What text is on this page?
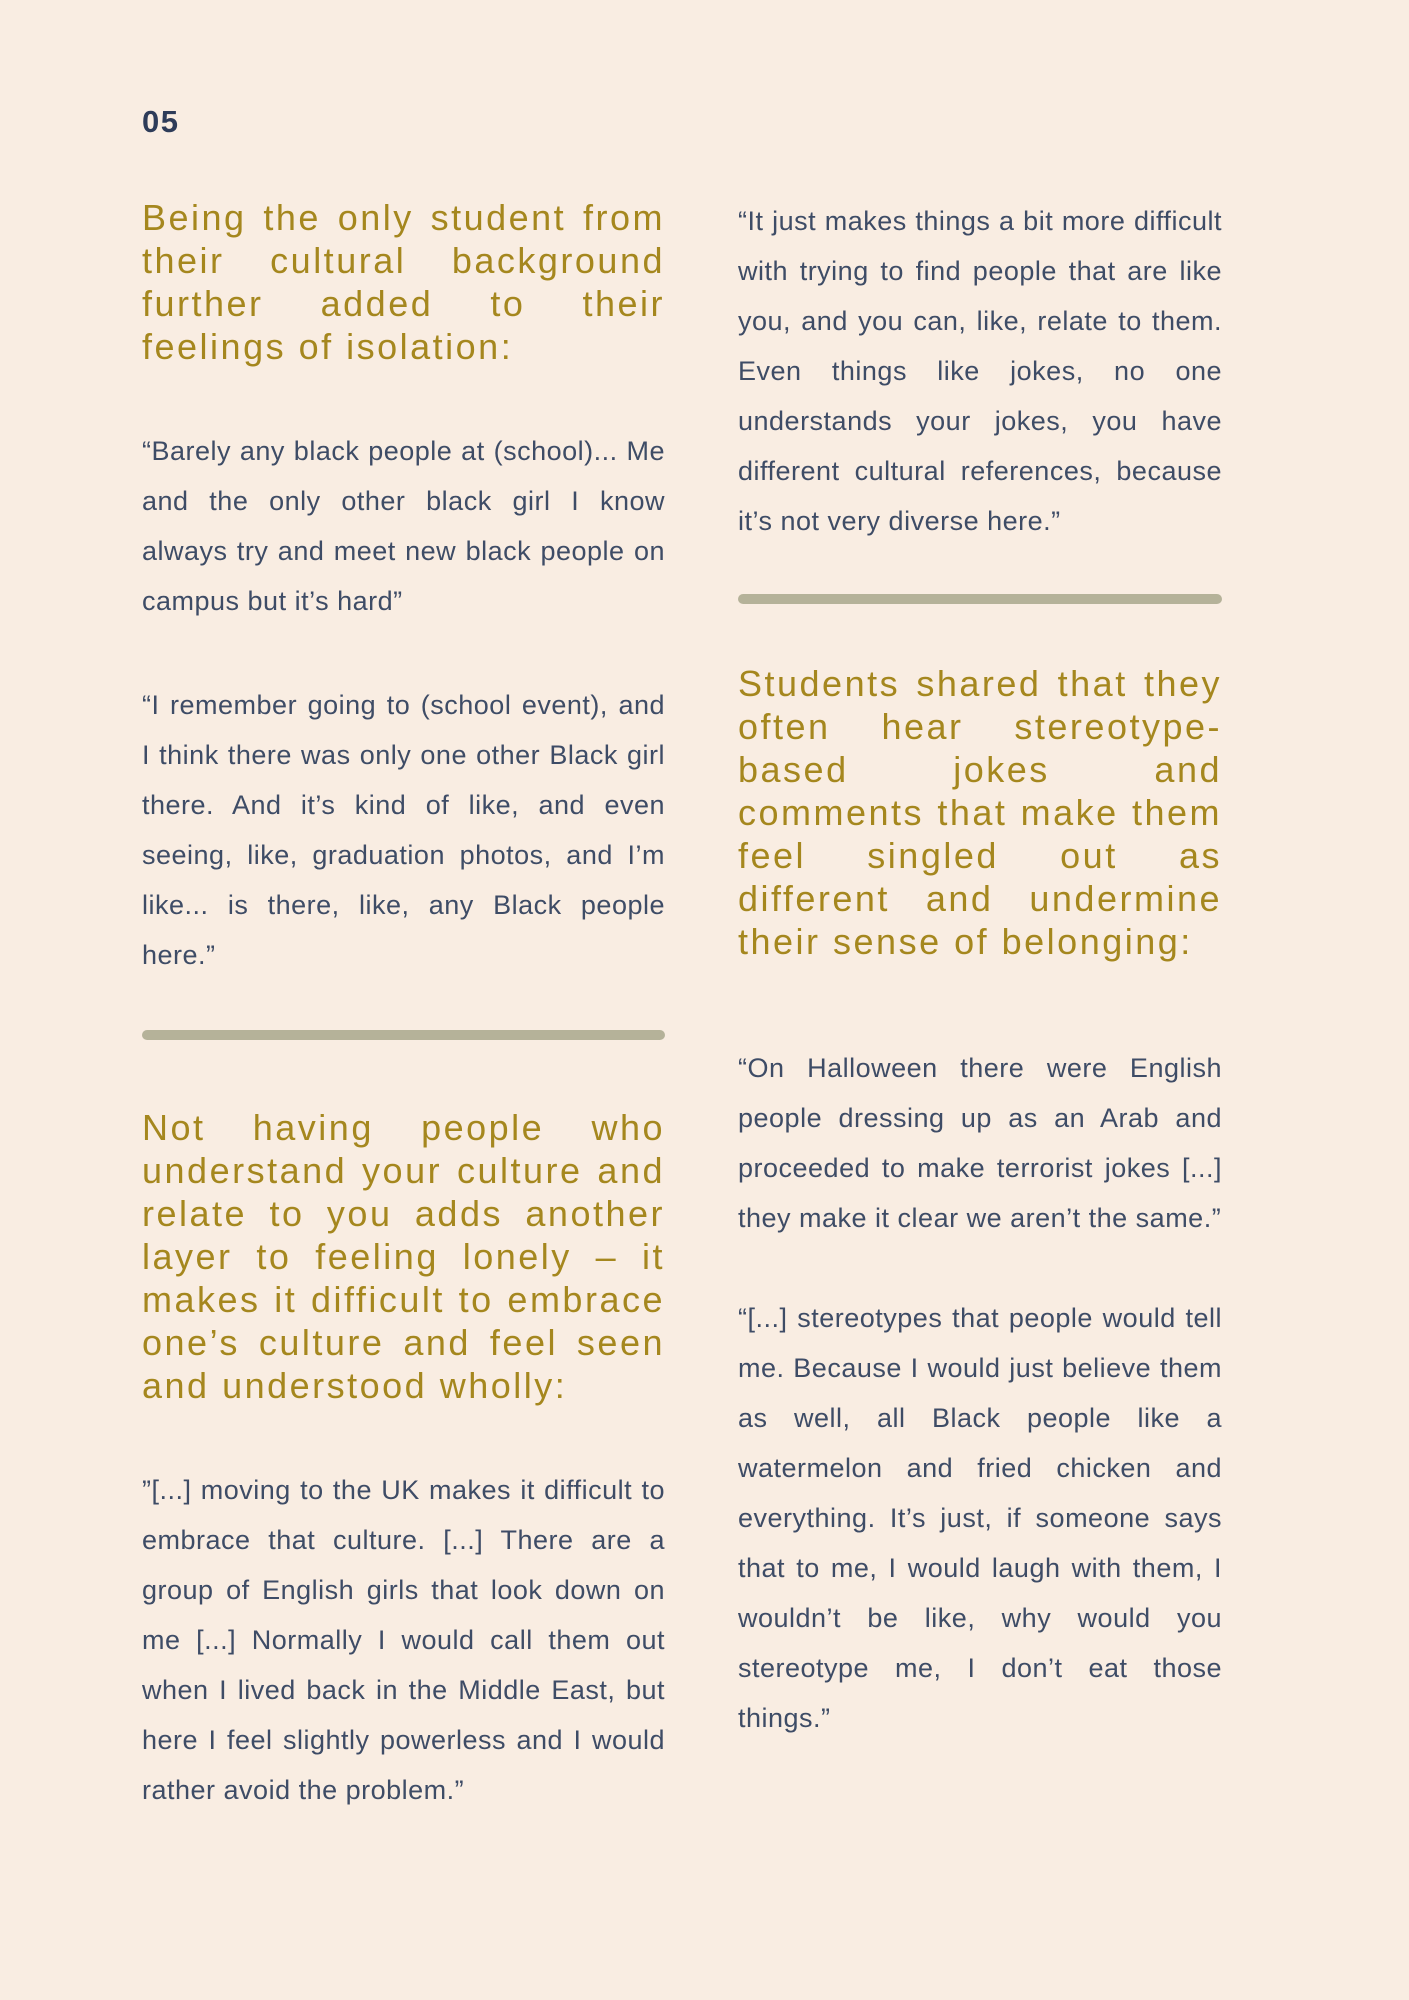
05

Being the only student from their cultural background further added to their feelings of isolation:

“Barely any black people at (school)... Me and the only other black girl I know always try and meet new black people on campus but it’s hard”

“I remember going to (school event), and I think there was only one other Black girl there. And it’s kind of like, and even seeing, like, graduation photos, and I’m like... is there, like, any Black people here.”

Not having people who understand your culture and relate to you adds another layer to feeling lonely – it makes it difficult to embrace one’s culture and feel seen and understood wholly:

”[...] moving to the UK makes it difficult to embrace that culture. [...] There are a group of English girls that look down on me [...] Normally I would call them out when I lived back in the Middle East, but here I feel slightly powerless and I would rather avoid the problem.”

“It just makes things a bit more difficult with trying to find people that are like you, and you can, like, relate to them. Even things like jokes, no one understands your jokes, you have different cultural references, because it’s not very diverse here.”

Students shared that they often hear stereotype-based jokes and comments that make them feel singled out as different and undermine their sense of belonging:

“On Halloween there were English people dressing up as an Arab and proceeded to make terrorist jokes [...] they make it clear we aren’t the same.”

“[...] stereotypes that people would tell me. Because I would just believe them as well, all Black people like a watermelon and fried chicken and everything. It’s just, if someone says that to me, I would laugh with them, I wouldn’t be like, why would you stereotype me, I don’t eat those things.”
